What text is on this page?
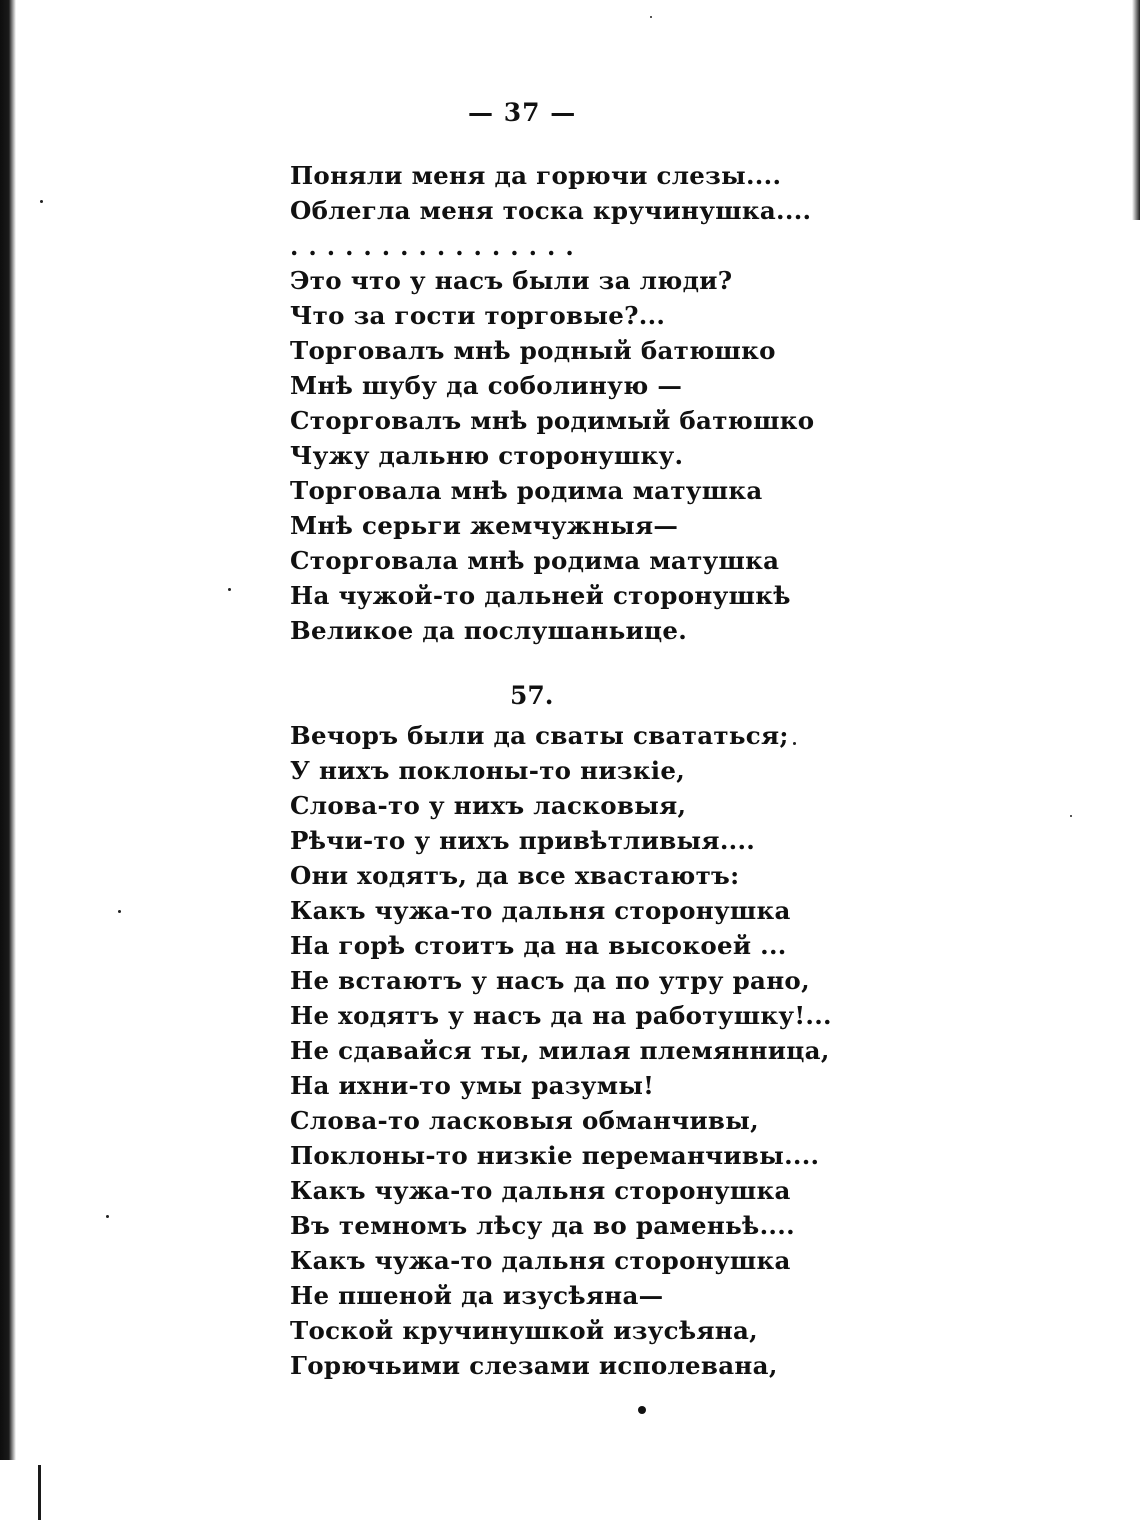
— 37 —
Поняли меня да горючи слезы....
Облегла меня тоска кручинушка....
................
Это что у насъ были за люди?
Что за гости торговые?...
Торговалъ мнѣ родный батюшко
Мнѣ шубу да соболиную —
Сторговалъ мнѣ родимый батюшко
Чужу дальню сторонушку.
Торговала мнѣ родима матушка
Мнѣ серьги жемчужныя—
Сторговала мнѣ родима матушка
На чужой-то дальней сторонушкѣ
Великое да послушаньице.
57.
Вечоръ были да сваты свататься;
У нихъ поклоны-то низкіе,
Слова-то у нихъ ласковыя,
Рѣчи-то у нихъ привѣтливыя....
Они ходятъ, да все хвастаютъ:
Какъ чужа-то дальня сторонушка
На горѣ стоитъ да на высокоей ...
Не встаютъ у насъ да по утру рано,
Не ходятъ у насъ да на работушку!...
Не сдавайся ты, милая племянница,
На ихни-то умы разумы!
Слова-то ласковыя обманчивы,
Поклоны-то низкіе переманчивы....
Какъ чужа-то дальня сторонушка
Въ темномъ лѣсу да во раменьѣ....
Какъ чужа-то дальня сторонушка
Не пшеной да изусѣяна—
Тоской кручинушкой изусѣяна,
Горючьими слезами исполевана,
